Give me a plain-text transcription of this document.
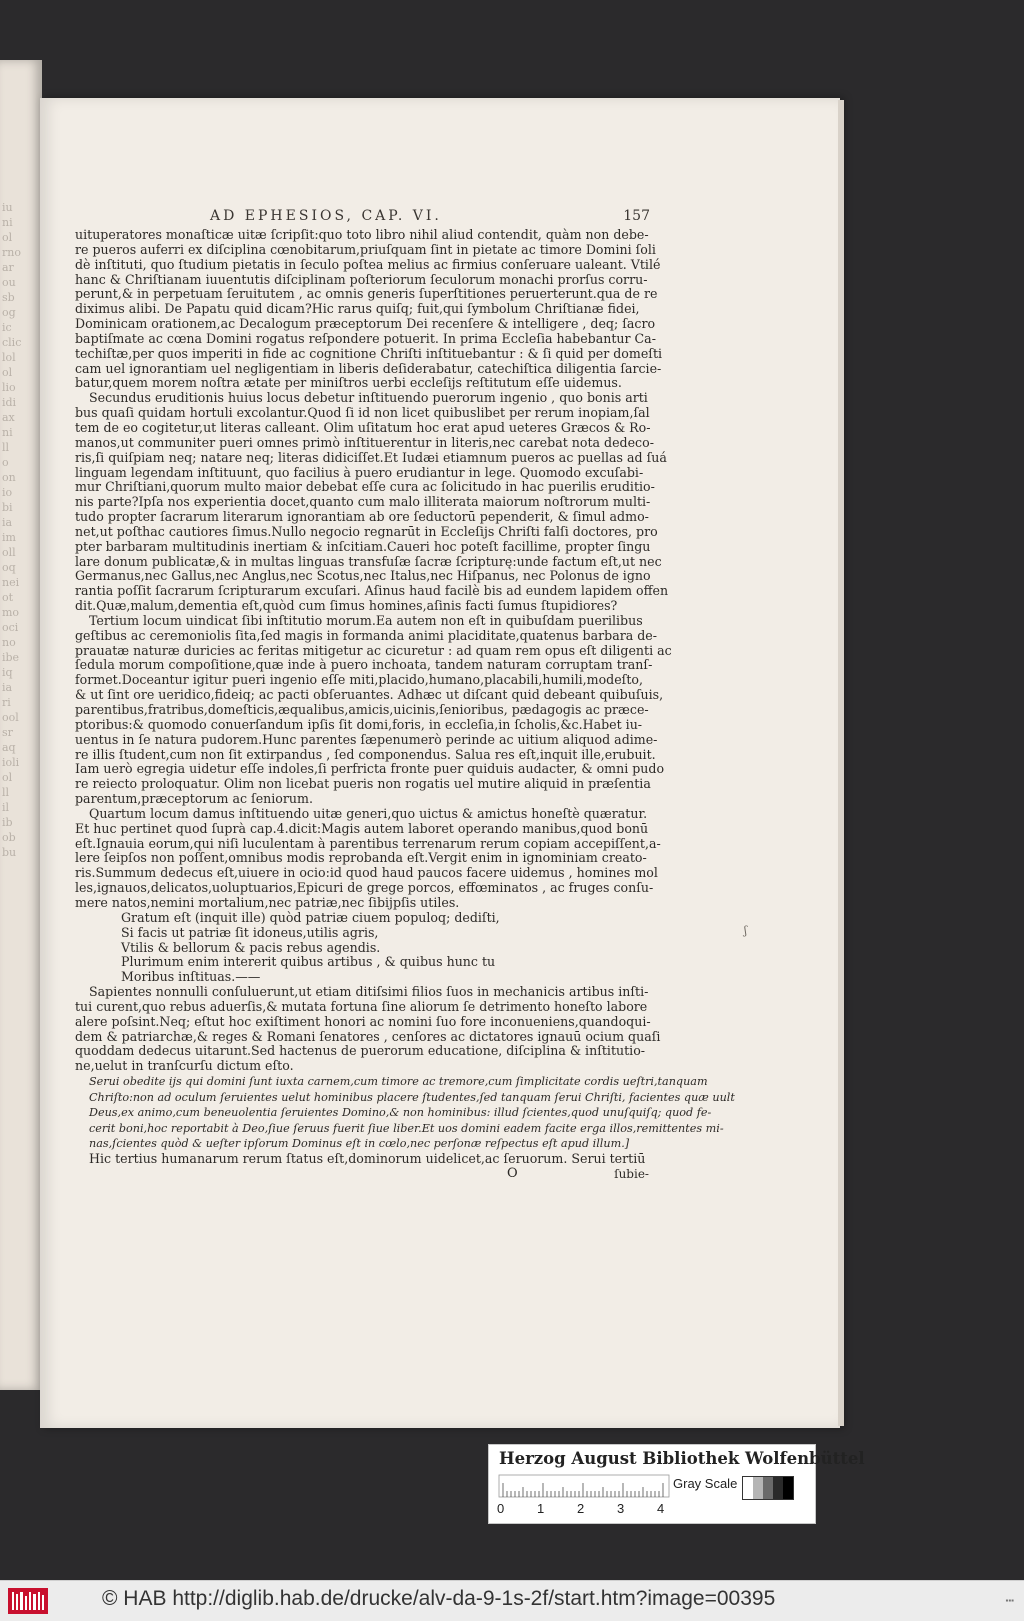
iu
ni
ol
rno
ar
ou
sb
og
ic
clic
lol
ol
lio
idi
ax
ni
ll
o
on
io
bi
ia
im
oll
oq
nei
ot
mo
oci
no
ibe
iq
ia
ri
ool
sr
aq
ioli
ol
ll
il
ib
ob
bu
AD EPHESIOS, CAP. VI.	157
uituperatores monaſticæ uitæ ſcripſit:quo toto libro nihil aliud contendit, quàm non debe-
re pueros auferri ex diſciplina cœnobitarum,priuſquam ſint in pietate ac timore Domini ſoli
dè inſtituti, quo ſtudium pietatis in ſeculo poſtea melius ac firmius conſeruare ualeant. Vtilé
hanc & Chriſtianam iuuentutis diſciplinam poſteriorum ſeculorum monachi prorſus corru-
perunt,& in perpetuam ſeruitutem , ac omnis generis ſuperſtitiones peruerterunt.qua de re
diximus alibi. De Papatu quid dicam?Hic rarus quiſq; fuit,qui ſymbolum Chriſtianæ fidei,
Dominicam orationem,ac Decalogum præceptorum Dei recenſere & intelligere , deq; ſacro
baptiſmate ac cœna Domini rogatus reſpondere potuerit. In prima Eccleſia habebantur Ca-
techiſtæ,per quos imperiti in fide ac cognitione Chriſti inſtituebantur : & ſi quid per domeſti
cam uel ignorantiam uel negligentiam in liberis deſiderabatur, catechiſtica diligentia ſarcie-
batur,quem morem noſtra ætate per miniſtros uerbi eccleſijs reſtitutum eſſe uidemus.
Secundus eruditionis huius locus debetur inſtituendo puerorum ingenio , quo bonis arti
bus quaſi quidam hortuli excolantur.Quod ſi id non licet quibuslibet per rerum inopiam,ſal
tem de eo cogitetur,ut literas calleant. Olim uſitatum hoc erat apud ueteres Græcos & Ro-
manos,ut communiter pueri omnes primò inſtituerentur in literis,nec carebat nota dedeco-
ris,ſi quiſpiam neq; natare neq; literas didiciſſet.Et Iudæi etiamnum pueros ac puellas ad ſuá
linguam legendam inſtituunt, quo facilius à puero erudiantur in lege. Quomodo excuſabi-
mur Chriſtiani,quorum multo maior debebat eſſe cura ac ſolicitudo in hac puerilis eruditio-
nis parte?Ipſa nos experientia docet,quanto cum malo illiterata maiorum noſtrorum multi-
tudo propter ſacrarum literarum ignorantiam ab ore ſeductorū pependerit, & ſimul admo-
net,ut poſthac cautiores ſimus.Nullo negocio regnarūt in Eccleſijs Chriſti falſi doctores, pro
pter barbaram multitudinis inertiam & inſcitiam.Caueri hoc poteſt facillime, propter ſingu
lare donum publicatæ,& in multas linguas transfuſæ ſacræ ſcripturę:unde factum eſt,ut nec
Germanus,nec Gallus,nec Anglus,nec Scotus,nec Italus,nec Hiſpanus, nec Polonus de igno
rantia poſſit ſacrarum ſcripturarum excuſari. Aſinus haud facilè bis ad eundem lapidem offen
dit.Quæ,malum,dementia eſt,quòd cum ſimus homines,aſinis facti ſumus ſtupidiores?
Tertium locum uindicat ſibi inſtitutio morum.Ea autem non eſt in quibuſdam puerilibus
geſtibus ac ceremoniolis ſita,ſed magis in formanda animi placiditate,quatenus barbara de-
prauatæ naturæ duricies ac feritas mitigetur ac cicuretur : ad quam rem opus eſt diligenti ac
ſedula morum compoſitione,quæ inde à puero inchoata, tandem naturam corruptam tranſ-
formet.Doceantur igitur pueri ingenio eſſe miti,placido,humano,placabili,humili,modeſto,
& ut ſint ore ueridico,fideiq; ac pacti obſeruantes. Adhæc ut diſcant quid debeant quibuſuis,
parentibus,fratribus,domeſticis,æqualibus,amicis,uicinis,ſenioribus, pædagogis ac præce-
ptoribus:& quomodo conuerſandum ipſis ſit domi,foris, in eccleſia,in ſcholis,&c.Habet iu-
uentus in ſe natura pudorem.Hunc parentes ſæpenumerò perinde ac uitium aliquod adime-
re illis ſtudent,cum non ſit extirpandus , ſed componendus. Salua res eſt,inquit ille,erubuit.
Iam uerò egregia uidetur eſſe indoles,ſi perfricta fronte puer quiduis audacter, & omni pudo
re reiecto proloquatur. Olim non licebat pueris non rogatis uel mutire aliquid in præſentia
parentum,præceptorum ac ſeniorum.
Quartum locum damus inſtituendo uitæ generi,quo uictus & amictus honeſtè quæratur.
Et huc pertinet quod ſuprà cap.4.dicit:Magis autem laboret operando manibus,quod bonū
eſt.Ignauia eorum,qui niſi luculentam à parentibus terrenarum rerum copiam accepiſſent,a-
lere ſeipſos non poſſent,omnibus modis reprobanda eſt.Vergit enim in ignominiam creato-
ris.Summum dedecus eſt,uiuere in ocio:id quod haud paucos facere uidemus , homines mol
les,ignauos,delicatos,uoluptuarios,Epicuri de grege porcos, effœminatos , ac fruges conſu-
mere natos,nemini mortalium,nec patriæ,nec ſibijpſis utiles.
Gratum eſt (inquit ille) quòd patriæ ciuem populoq; dediſti,
Si facis ut patriæ ſit idoneus,utilis agris,
Vtilis & bellorum & pacis rebus agendis.
Plurimum enim intererit quibus artibus , & quibus hunc tu
Moribus inſtituas.——
Sapientes nonnulli conſuluerunt,ut etiam ditiſsimi filios ſuos in mechanicis artibus inſti-
tui curent,quo rebus aduerſis,& mutata fortuna ſine aliorum ſe detrimento honeſto labore
alere poſsint.Neq; eſtut hoc exiſtiment honori ac nomini ſuo fore inconueniens,quandoqui-
dem & patriarchæ,& reges & Romani ſenatores , cenſores ac dictatores ignauū ocium quaſi
quoddam dedecus uitarunt.Sed hactenus de puerorum educatione, diſciplina & inſtitutio-
ne,uelut in tranſcurſu dictum eſto.
Serui obedite ijs qui domini ſunt iuxta carnem,cum timore ac tremore,cum ſimplicitate cordis ueſtri,tanquam
Chriſto:non ad oculum ſeruientes uelut hominibus placere ſtudentes,ſed tanquam ſerui Chriſti, facientes quæ uult
Deus,ex animo,cum beneuolentia ſeruientes Domino,& non hominibus: illud ſcientes,quod unuſquiſq; quod fe-
cerit boni,hoc reportabit à Deo,ſiue ſeruus fuerit ſiue liber.Et uos domini eadem facite erga illos,remittentes mi-
nas,ſcientes quòd & ueſter ipſorum Dominus eſt in cœlo,nec perſonæ reſpectus eſt apud illum.]
Hic tertius humanarum rerum ſtatus eſt,dominorum uidelicet,ac ſeruorum. Serui tertiū
O	ſubie-
ʃ
Herzog August Bibliothek Wolfenbüttel
0	1	2	3	4
Gray Scale
© HAB http://diglib.hab.de/drucke/alv-da-9-1s-2f/start.htm?image=00395	▪▪▪
